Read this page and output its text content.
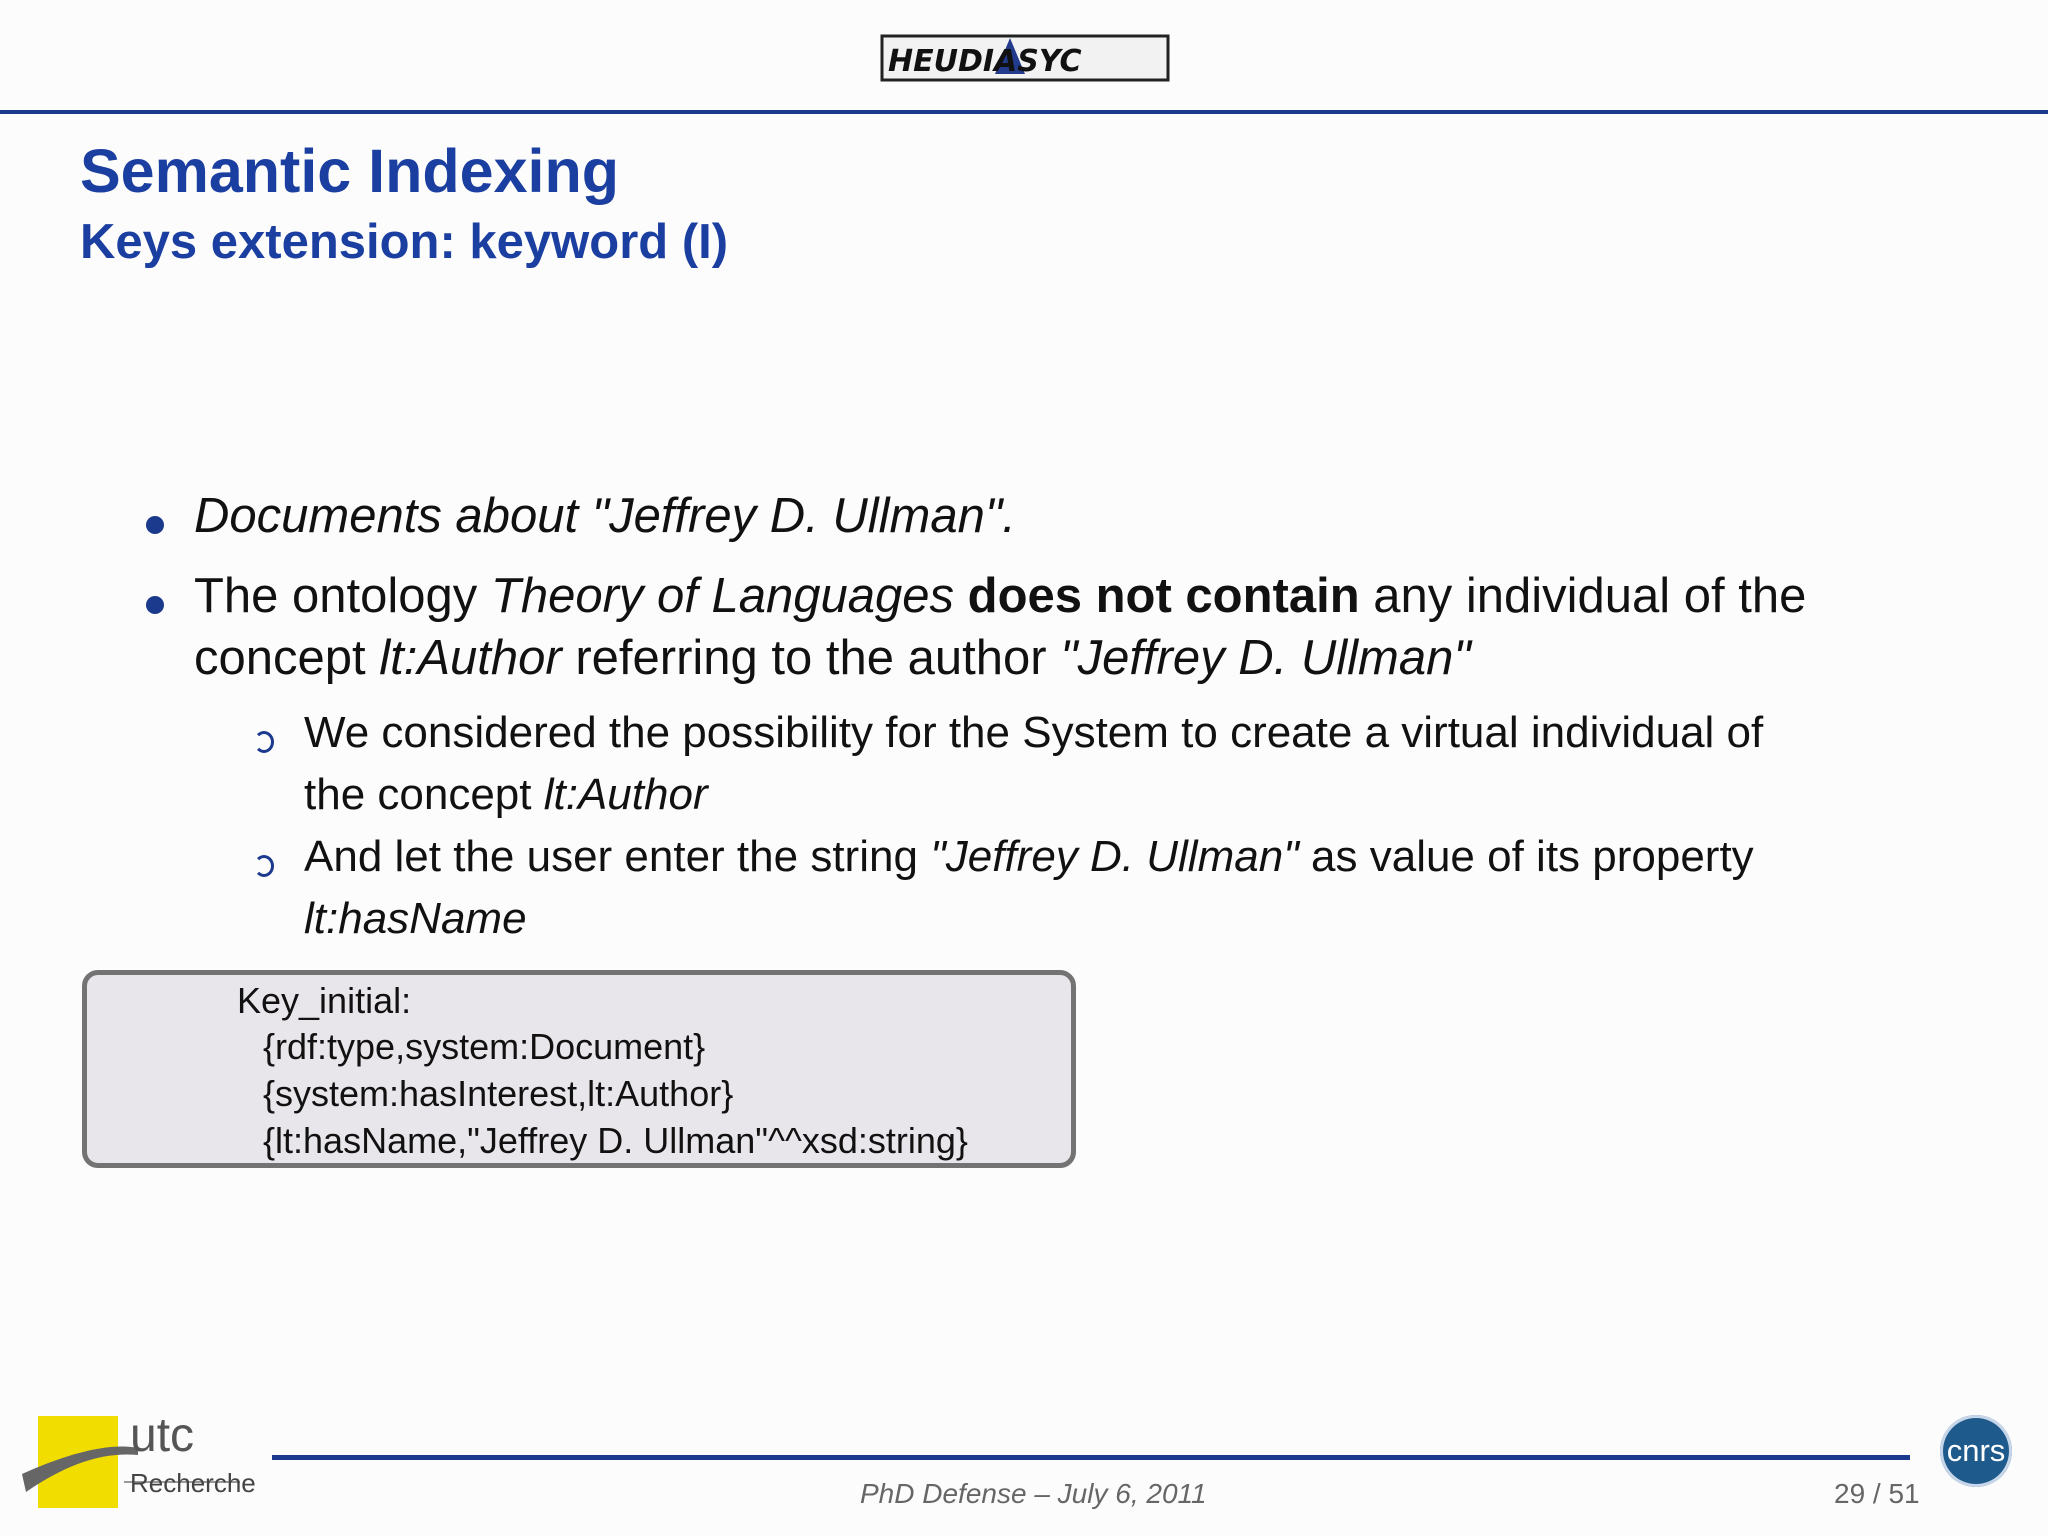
HEUDIASYC
Semantic Indexing
Keys extension: keyword (I)
Documents about "Jeffrey D. Ullman".
The ontology Theory of Languages does not contain any individual of the
concept lt:Author referring to the author "Jeffrey D. Ullman"
We considered the possibility for the System to create a virtual individual of
the concept lt:Author
And let the user enter the string "Jeffrey D. Ullman" as value of its property
lt:hasName
Key_initial:
{rdf:type,system:Document}
{system:hasInterest,lt:Author}
{lt:hasName,"Jeffrey D. Ullman"^^xsd:string}
utc
Recherche	PhD Defense – July 6, 2011	29 / 51
cnrs
